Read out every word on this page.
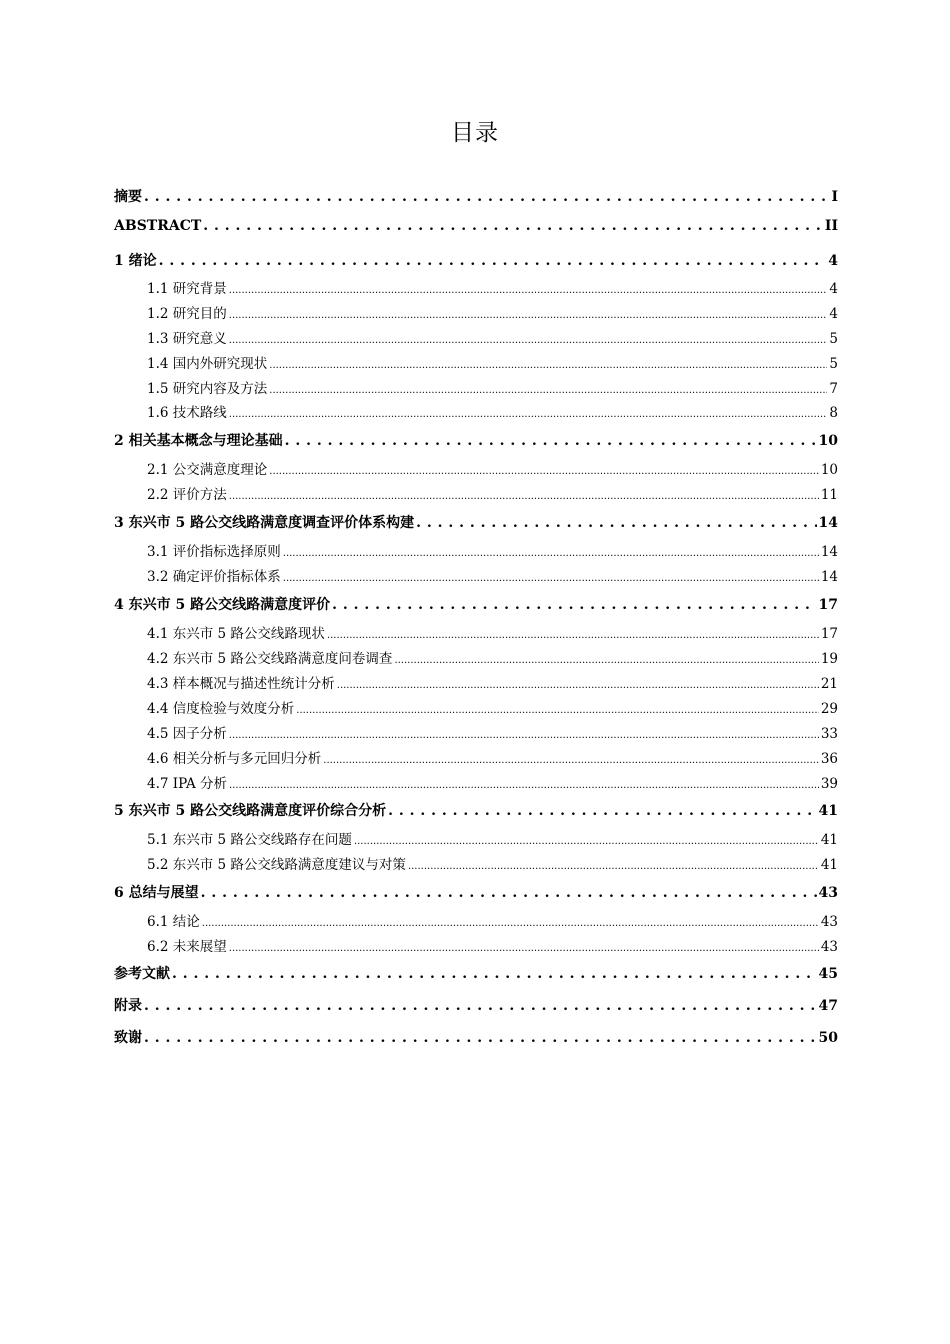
目录
摘要 . . .	I
ABSTRACT . . .	II
1 绪论 . . .	4
1.1 研究背景 .....	4
1.2 研究目的 .....	4
1.3 研究意义 .....	5
1.4 国内外研究现状 .....	5
1.5 研究内容及方法 .....	7
1.6 技术路线 .....	8
2 相关基本概念与理论基础 . . .	10
2.1 公交满意度理论 .....	10
2.2 评价方法 .....	11
3 东兴市 5 路公交线路满意度调查评价体系构建 . . .	14
3.1 评价指标选择原则 .....	14
3.2 确定评价指标体系 .....	14
4 东兴市 5 路公交线路满意度评价 . . .	17
4.1 东兴市 5 路公交线路现状 .....	17
4.2 东兴市 5 路公交线路满意度问卷调查 .....	19
4.3 样本概况与描述性统计分析 .....	21
4.4 信度检验与效度分析 .....	29
4.5 因子分析 .....	33
4.6 相关分析与多元回归分析 .....	36
4.7 IPA 分析 .....	39
5 东兴市 5 路公交线路满意度评价综合分析 . . .	41
5.1 东兴市 5 路公交线路存在问题 .....	41
5.2 东兴市 5 路公交线路满意度建议与对策 .....	41
6 总结与展望 . . .	43
6.1 结论 .....	43
6.2 未来展望 .....	43
参考文献 . . .	45
附录 . . .	47
致谢 . . .	50
